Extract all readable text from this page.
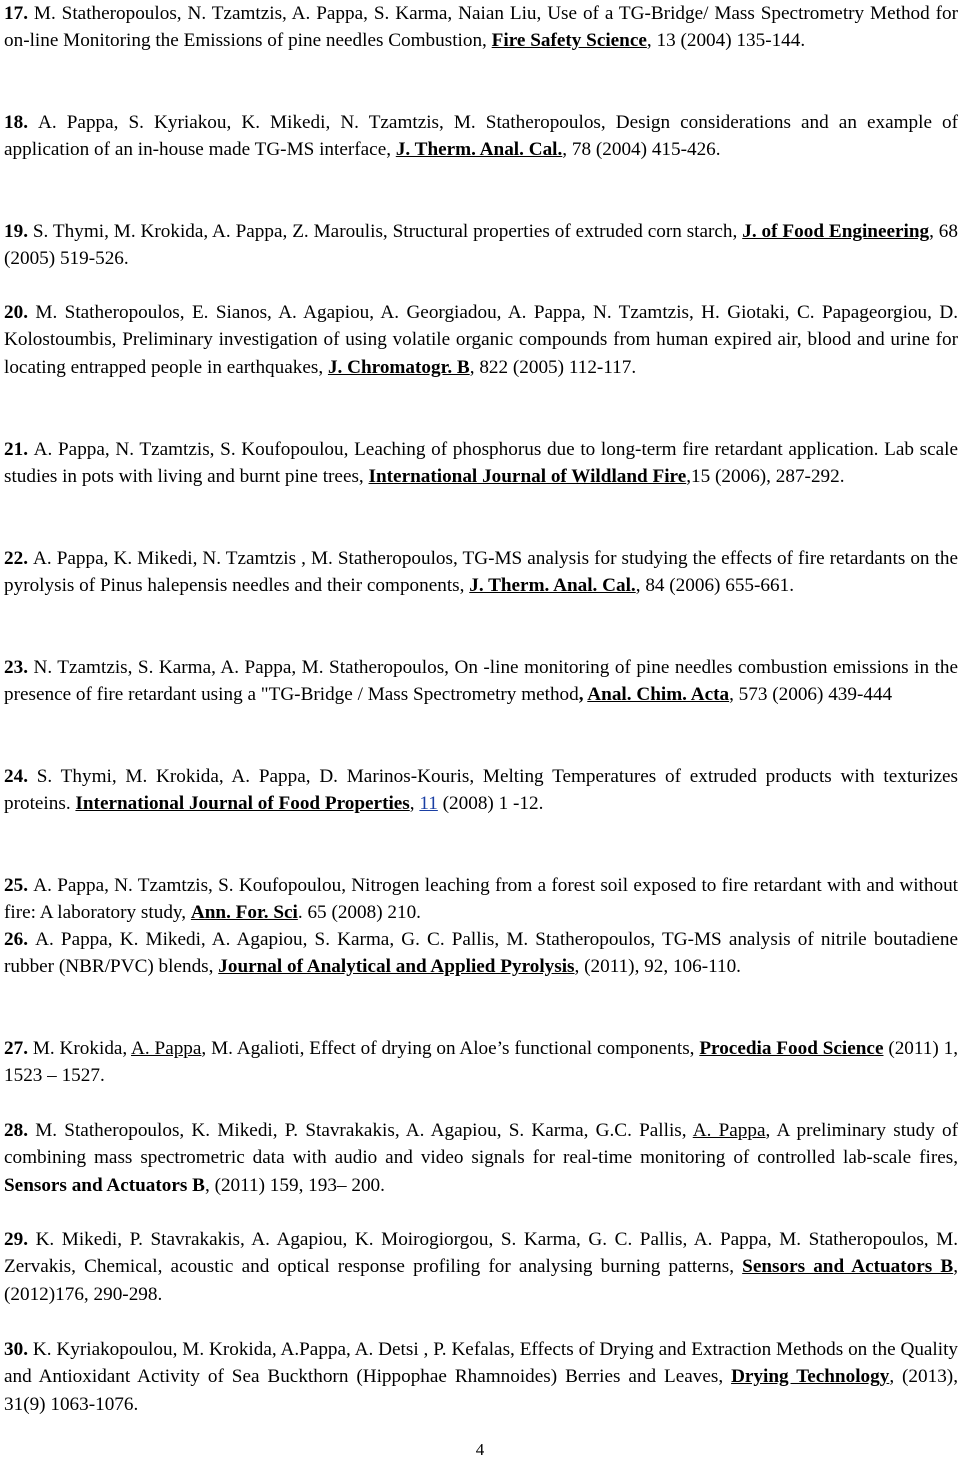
17. M. Statheropoulos, N. Tzamtzis, A. Pappa, S. Karma, Naian Liu, Use of a TG-Bridge/ Mass Spectrometry Method for on-line Monitoring the Emissions of pine needles Combustion, Fire Safety Science, 13 (2004) 135-144.

18. A. Pappa, S. Kyriakou, K. Mikedi, N. Tzamtzis, M. Statheropoulos, Design considerations and an example of application of an in-house made TG-MS interface, J. Therm. Anal. Cal., 78 (2004) 415-426.

19. S. Thymi, M. Krokida, A. Pappa, Z. Maroulis, Structural properties of extruded corn starch, J. of Food Engineering, 68 (2005) 519-526.

20. M. Statheropoulos, E. Sianos, A. Agapiou, A. Georgiadou, A. Pappa, N. Tzamtzis, H. Giotaki, C. Papageorgiou, D. Kolostoumbis, Preliminary investigation of using volatile organic compounds from human expired air, blood and urine for locating entrapped people in earthquakes, J. Chromatogr. B, 822 (2005) 112-117.

21. A. Pappa, N. Tzamtzis, S. Koufopoulou, Leaching of phosphorus due to long-term fire retardant application. Lab scale studies in pots with living and burnt pine trees, International Journal of Wildland Fire,15 (2006), 287-292.

22. A. Pappa, K. Mikedi, N. Tzamtzis , M. Statheropoulos, TG-MS analysis for studying the effects of fire retardants on the pyrolysis of Pinus halepensis needles and their components, J. Therm. Anal. Cal., 84 (2006) 655-661.

23. N. Tzamtzis, S. Karma, A. Pappa, M. Statheropoulos, On -line monitoring of pine needles combustion emissions in the presence of fire retardant using a "TG-Bridge / Mass Spectrometry method, Anal. Chim. Acta, 573 (2006) 439-444

24. S. Thymi, M. Krokida, A. Pappa, D. Marinos-Kouris, Melting Temperatures of extruded products with texturizes proteins. International Journal of Food Properties, 11 (2008) 1 -12.

25. A. Pappa, N. Tzamtzis, S. Koufopoulou, Nitrogen leaching from a forest soil exposed to fire retardant with and without fire: A laboratory study, Ann. For. Sci. 65 (2008) 210.

26. A. Pappa, K. Mikedi, A. Agapiou, S. Karma, G. C. Pallis, M. Statheropoulos, TG-MS analysis of nitrile boutadiene rubber (NBR/PVC) blends, Journal of Analytical and Applied Pyrolysis, (2011), 92, 106-110.

27. M. Krokida, A. Pappa, M. Agalioti, Effect of drying on Aloe’s functional components, Procedia Food Science (2011) 1, 1523 – 1527.

28. M. Statheropoulos, K. Mikedi, P. Stavrakakis, A. Agapiou, S. Karma, G.C. Pallis, A. Pappa, A preliminary study of combining mass spectrometric data with audio and video signals for real-time monitoring of controlled lab-scale fires, Sensors and Actuators B, (2011) 159, 193– 200.

29. K. Mikedi, P. Stavrakakis, A. Agapiou, K. Moirogiorgou, S. Karma, G. C. Pallis, A. Pappa, M. Statheropoulos, M. Zervakis, Chemical, acoustic and optical response profiling for analysing burning patterns, Sensors and Actuators B, (2012)176, 290-298.

30. K. Kyriakopoulou, M. Krokida, A.Pappa, A. Detsi , P. Kefalas, Effects of Drying and Extraction Methods on the Quality and Antioxidant Activity of Sea Buckthorn (Hippophae Rhamnoides) Berries and Leaves, Drying Technology, (2013), 31(9) 1063-1076.

4
